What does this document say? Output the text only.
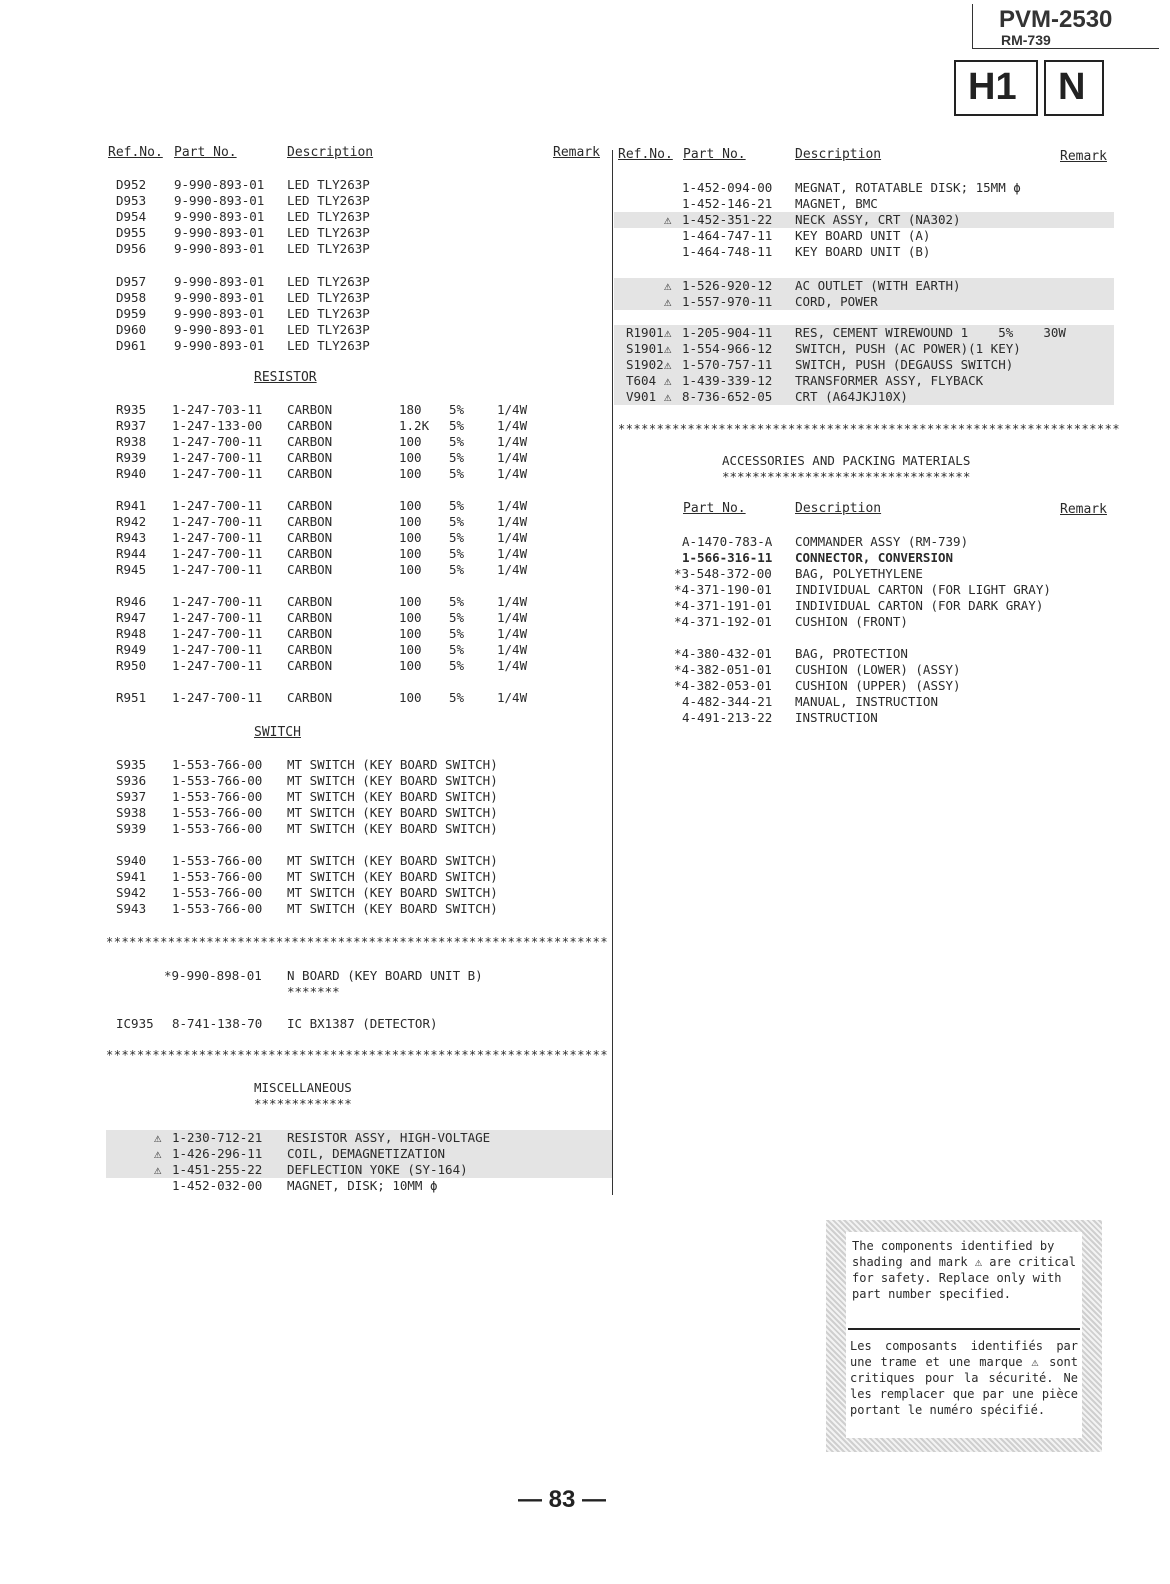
PVM-2530
RM-739
H1 N
Ref.No. Part No.	Description	Remark Ref.No. Part No.	Description	Remark
D952 9-990-893-01 LED TLY263P
D953 9-990-893-01 LED TLY263P
D954 9-990-893-01 LED TLY263P
D955 9-990-893-01 LED TLY263P
D956 9-990-893-01 LED TLY263P
D957 9-990-893-01 LED TLY263P
D958 9-990-893-01 LED TLY263P
D959 9-990-893-01 LED TLY263P
D960 9-990-893-01 LED TLY263P
D961 9-990-893-01 LED TLY263P
R935 1-247-703-11 CARBON	180 5%	1/4W
R937 1-247-133-00 CARBON	1.2K 5%	1/4W
R938 1-247-700-11 CARBON	100 5%	1/4W
R939 1-247-700-11 CARBON	100 5%	1/4W
R940 1-247-700-11 CARBON	100 5%	1/4W
R941 1-247-700-11 CARBON	100 5%	1/4W
R942 1-247-700-11 CARBON	100 5%	1/4W
R943 1-247-700-11 CARBON	100 5%	1/4W
R944 1-247-700-11 CARBON	100 5%	1/4W
R945 1-247-700-11 CARBON	100 5%	1/4W
R946 1-247-700-11 CARBON	100 5%	1/4W
R947 1-247-700-11 CARBON	100 5%	1/4W
R948 1-247-700-11 CARBON	100 5%	1/4W
R949 1-247-700-11 CARBON	100 5%	1/4W
R950 1-247-700-11 CARBON	100 5%	1/4W
R951 1-247-700-11 CARBON	100 5%	1/4W
S935 1-553-766-00 MT SWITCH (KEY BOARD SWITCH)
S936 1-553-766-00 MT SWITCH (KEY BOARD SWITCH)
S937 1-553-766-00 MT SWITCH (KEY BOARD SWITCH)
S938 1-553-766-00 MT SWITCH (KEY BOARD SWITCH)
S939 1-553-766-00 MT SWITCH (KEY BOARD SWITCH)
S940 1-553-766-00 MT SWITCH (KEY BOARD SWITCH)
S941 1-553-766-00 MT SWITCH (KEY BOARD SWITCH)
S942 1-553-766-00 MT SWITCH (KEY BOARD SWITCH)
S943 1-553-766-00 MT SWITCH (KEY BOARD SWITCH)
⚠ 1-230-712-21 RESISTOR ASSY, HIGH-VOLTAGE
⚠ 1-426-296-11 COIL, DEMAGNETIZATION
⚠ 1-451-255-22 DEFLECTION YOKE (SY-164)
1-452-032-00 MAGNET, DISK; 10MM ϕ
1-452-094-00 MEGNAT, ROTATABLE DISK; 15MM ϕ
1-452-146-21 MAGNET, BMC
⚠ 1-452-351-22 NECK ASSY, CRT (NA302)
1-464-747-11 KEY BOARD UNIT (A)
1-464-748-11 KEY BOARD UNIT (B)
⚠ 1-526-920-12 AC OUTLET (WITH EARTH)
⚠ 1-557-970-11 CORD, POWER
R1901 ⚠ 1-205-904-11 RES, CEMENT WIREWOUND 1    5%    30W
S1901 ⚠ 1-554-966-12 SWITCH, PUSH (AC POWER)(1 KEY)
S1902 ⚠ 1-570-757-11 SWITCH, PUSH (DEGAUSS SWITCH)
T604 ⚠ 1-439-339-12 TRANSFORMER ASSY, FLYBACK
V901 ⚠ 8-736-652-05 CRT (A64JKJ10X)
A-1470-783-A COMMANDER ASSY (RM-739)
1-566-316-11 CONNECTOR, CONVERSION
*3-548-372-00 BAG, POLYETHYLENE
*4-371-190-01 INDIVIDUAL CARTON (FOR LIGHT GRAY)
*4-371-191-01 INDIVIDUAL CARTON (FOR DARK GRAY)
*4-371-192-01 CUSHION (FRONT)
*4-380-432-01 BAG, PROTECTION
*4-382-051-01 CUSHION (LOWER) (ASSY)
*4-382-053-01 CUSHION (UPPER) (ASSY)
4-482-344-21 MANUAL, INSTRUCTION
4-491-213-22 INSTRUCTION
RESISTOR
SWITCH
*****************************************************************
*9-990-898-01 N BOARD (KEY BOARD UNIT B)
*******
IC935 8-741-138-70 IC BX1387 (DETECTOR)
*****************************************************************
MISCELLANEOUS
*************
*****************************************************************
ACCESSORIES AND PACKING MATERIALS
*********************************
Part No.	Description	Remark

The components identified by shading and mark ⚠ are critical for safety. Replace only with part number specified.

Les composants identifiés par une trame et une marque ⚠ sont critiques pour la sécurité. Ne les remplacer que par une pièce portant le numéro spécifié.

— 83 —
